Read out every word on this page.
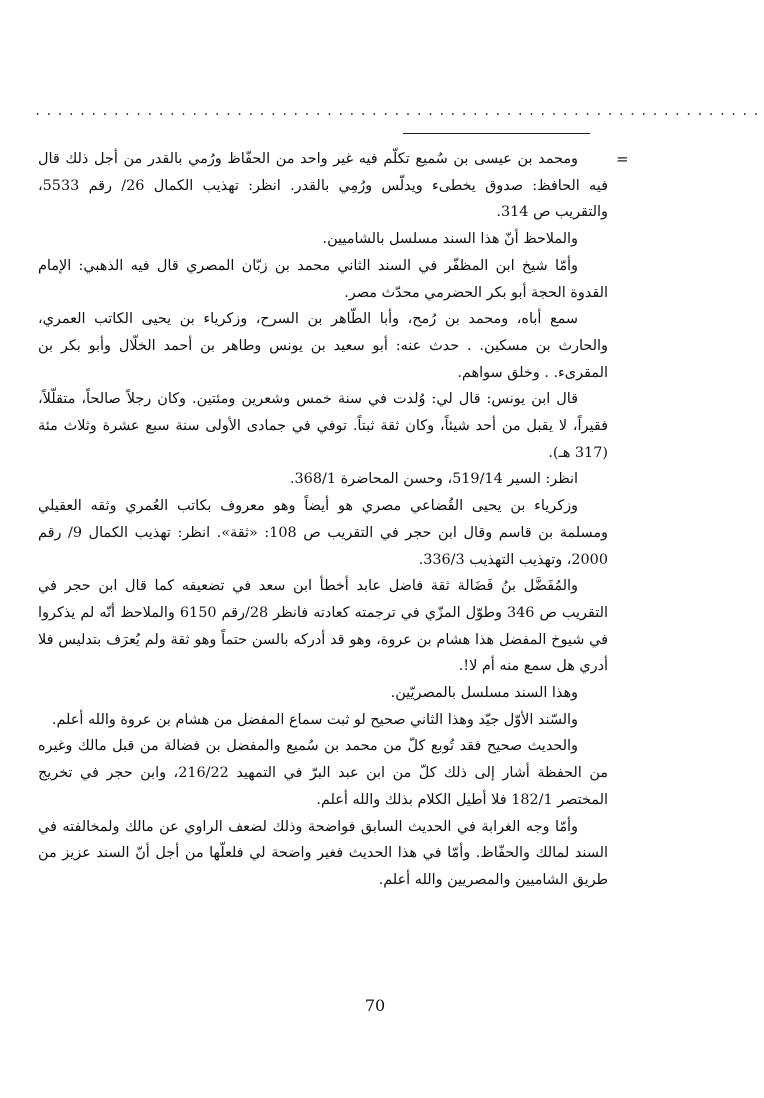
.................................................................
=

ومحمد بن عيسى بن سُميع تكلّم فيه غير واحد من الحفّاظ ورُمي بالقدر من أجل ذلك قال فيه الحافظ: صدوق يخطىء ويدلّس ورُمِي بالقدر. انظر: تهذيب الكمال 26/ رقم 5533، والتقريب ص 314.

والملاحظ أنّ هذا السند مسلسل بالشاميين.

وأمّا شيخ ابن المظفّر في السند الثاني محمد بن زبّان المصري قال فيه الذهبي: الإمام القدوة الحجة أبو بكر الحضرمي محدّث مصر.

سمع أباه، ومحمد بن رُمح، وأبا الطّاهر بن السرح، وزكرياء بن يحيى الكاتب العمري، والحارث بن مسكين. . حدث عنه: أبو سعيد بن يونس وطاهر بن أحمد الخلّال وأبو بكر بن المقرىء. . وخلق سواهم.

قال ابن يونس: قال لي: وُلدت في سنة خمس وشعرين ومئتين. وكان رجلاً صالحاً، متقلّلاً، فقيراً، لا يقبل من أحد شيئاً، وكان ثقة ثبتاً. توفي في جمادى الأولى سنة سبع عشرة وثلاث مئة (317 هـ).

انظر: السير 519/14، وحسن المحاضرة 368/1.

وزكرياء بن يحيى القُضاعي مصري هو أيضاً وهو معروف بكاتب العُمري وثقه العقيلي ومسلمة بن قاسم وقال ابن حجر في التقريب ص 108: «ثقة». انظر: تهذيب الكمال 9/ رقم 2000، وتهذيب التهذيب 336/3.

والمُفَضَّل بنُ فَضَالة ثقة فاضل عابد أخطأ ابن سعد في تضعيفه كما قال ابن حجر في التقريب ص 346 وطوّل المزّي في ترجمته كعادته فانظر 28/رقم 6150 والملاحظ أنّه لم يذكروا في شيوخ المفضل هذا هشام بن عروة، وهو قد أدركه بالسن حتماً وهو ثقة ولم يُعرَف بتدليس فلا أدري هل سمع منه أم لا!.

وهذا السند مسلسل بالمصريّين.

والسّند الأوّل جيّد وهذا الثاني صحيح لو ثبت سماع المفضل من هشام بن عروة والله أعلم.

والحديث صحيح فقد تُوبع كلّ من محمد بن سُميع والمفضل بن فضالة من قبل مالك وغيره من الحفظة أشار إلى ذلك كلّ من ابن عبد البرّ في التمهيد 216/22، وابن حجر في تخريج المختصر 182/1 فلا أطيل الكلام بذلك والله أعلم.

وأمّا وجه الغرابة في الحديث السابق فواضحة وذلك لضعف الراوي عن مالك ولمخالفته في السند لمالك والحفّاظ. وأمّا في هذا الحديث فغير واضحة لي فلعلّها من أجل أنّ السند عزيز من طريق الشاميين والمصريين والله أعلم.

70
